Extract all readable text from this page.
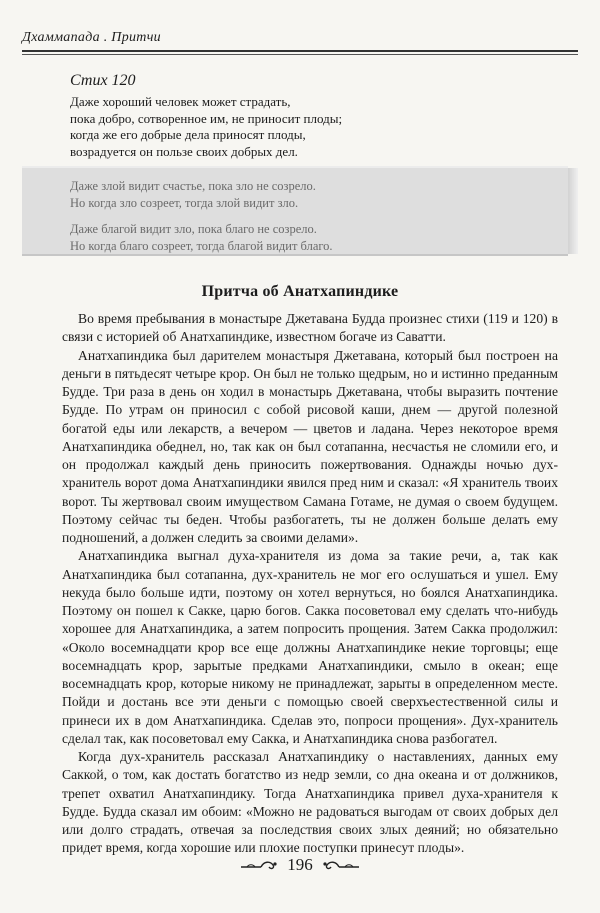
Дхаммапада . Притчи
Стих 120
Даже хороший человек может страдать,
пока добро, сотворенное им, не приносит плоды;
когда же его добрые дела приносят плоды,
возрадуется он пользе своих добрых дел.
Даже злой видит счастье, пока зло не созрело.
Но когда зло созреет, тогда злой видит зло.
Даже благой видит зло, пока благо не созрело.
Но когда благо созреет, тогда благой видит благо.
Притча об Анатхапиндике

Во время пребывания в монастыре Джетавана Будда произнес стихи (119 и 120) в связи с историей об Анатхапиндике, известном богаче из Саватти.

Анатхапиндика был дарителем монастыря Джетавана, который был построен на деньги в пятьдесят четыре крор. Он был не только щедрым, но и истинно преданным Будде. Три раза в день он ходил в монастырь Джетавана, чтобы выразить почтение Будде. По утрам он приносил с собой рисовой каши, днем — другой полезной богатой еды или лекарств, а вечером — цветов и ладана. Через некоторое время Анатхапиндика обеднел, но, так как он был сотапанна, несчастья не сломили его, и он продолжал каждый день приносить пожертвования. Однажды ночью дух-хранитель ворот дома Анатхапиндики явился пред ним и сказал: «Я хранитель твоих ворот. Ты жертвовал своим имуществом Самана Готаме, не думая о своем будущем. Поэтому сейчас ты беден. Чтобы разбогатеть, ты не должен больше делать ему подношений, а должен следить за своими делами».

Анатхапиндика выгнал духа-хранителя из дома за такие речи, а, так как Анатхапиндика был сотапанна, дух-хранитель не мог его ослушаться и ушел. Ему некуда было больше идти, поэтому он хотел вернуться, но боялся Анатхапиндика. Поэтому он пошел к Сакке, царю богов. Сакка посоветовал ему сделать что-нибудь хорошее для Анатхапиндика, а затем попросить прощения. Затем Сакка продолжил: «Около восемнадцати крор все еще должны Анатхапиндике некие торговцы; еще восемнадцать крор, зарытые предками Анатхапиндики, смыло в океан; еще восемнадцать крор, которые никому не принадлежат, зарыты в определенном месте. Пойди и достань все эти деньги с помощью своей сверхъестественной силы и принеси их в дом Анатхапиндика. Сделав это, попроси прощения». Дух-хранитель сделал так, как посоветовал ему Сакка, и Анатхапиндика снова разбогател.

Когда дух-хранитель рассказал Анатхапиндику о наставлениях, данных ему Саккой, о том, как достать богатство из недр земли, со дна океана и от должников, трепет охватил Анатхапиндику. Тогда Анатхапиндика привел духа-хранителя к Будде. Будда сказал им обоим: «Можно не радоваться выгодам от своих добрых дел или долго страдать, отвечая за последствия своих злых деяний; но обязательно придет время, когда хорошие или плохие поступки принесут плоды».

196
